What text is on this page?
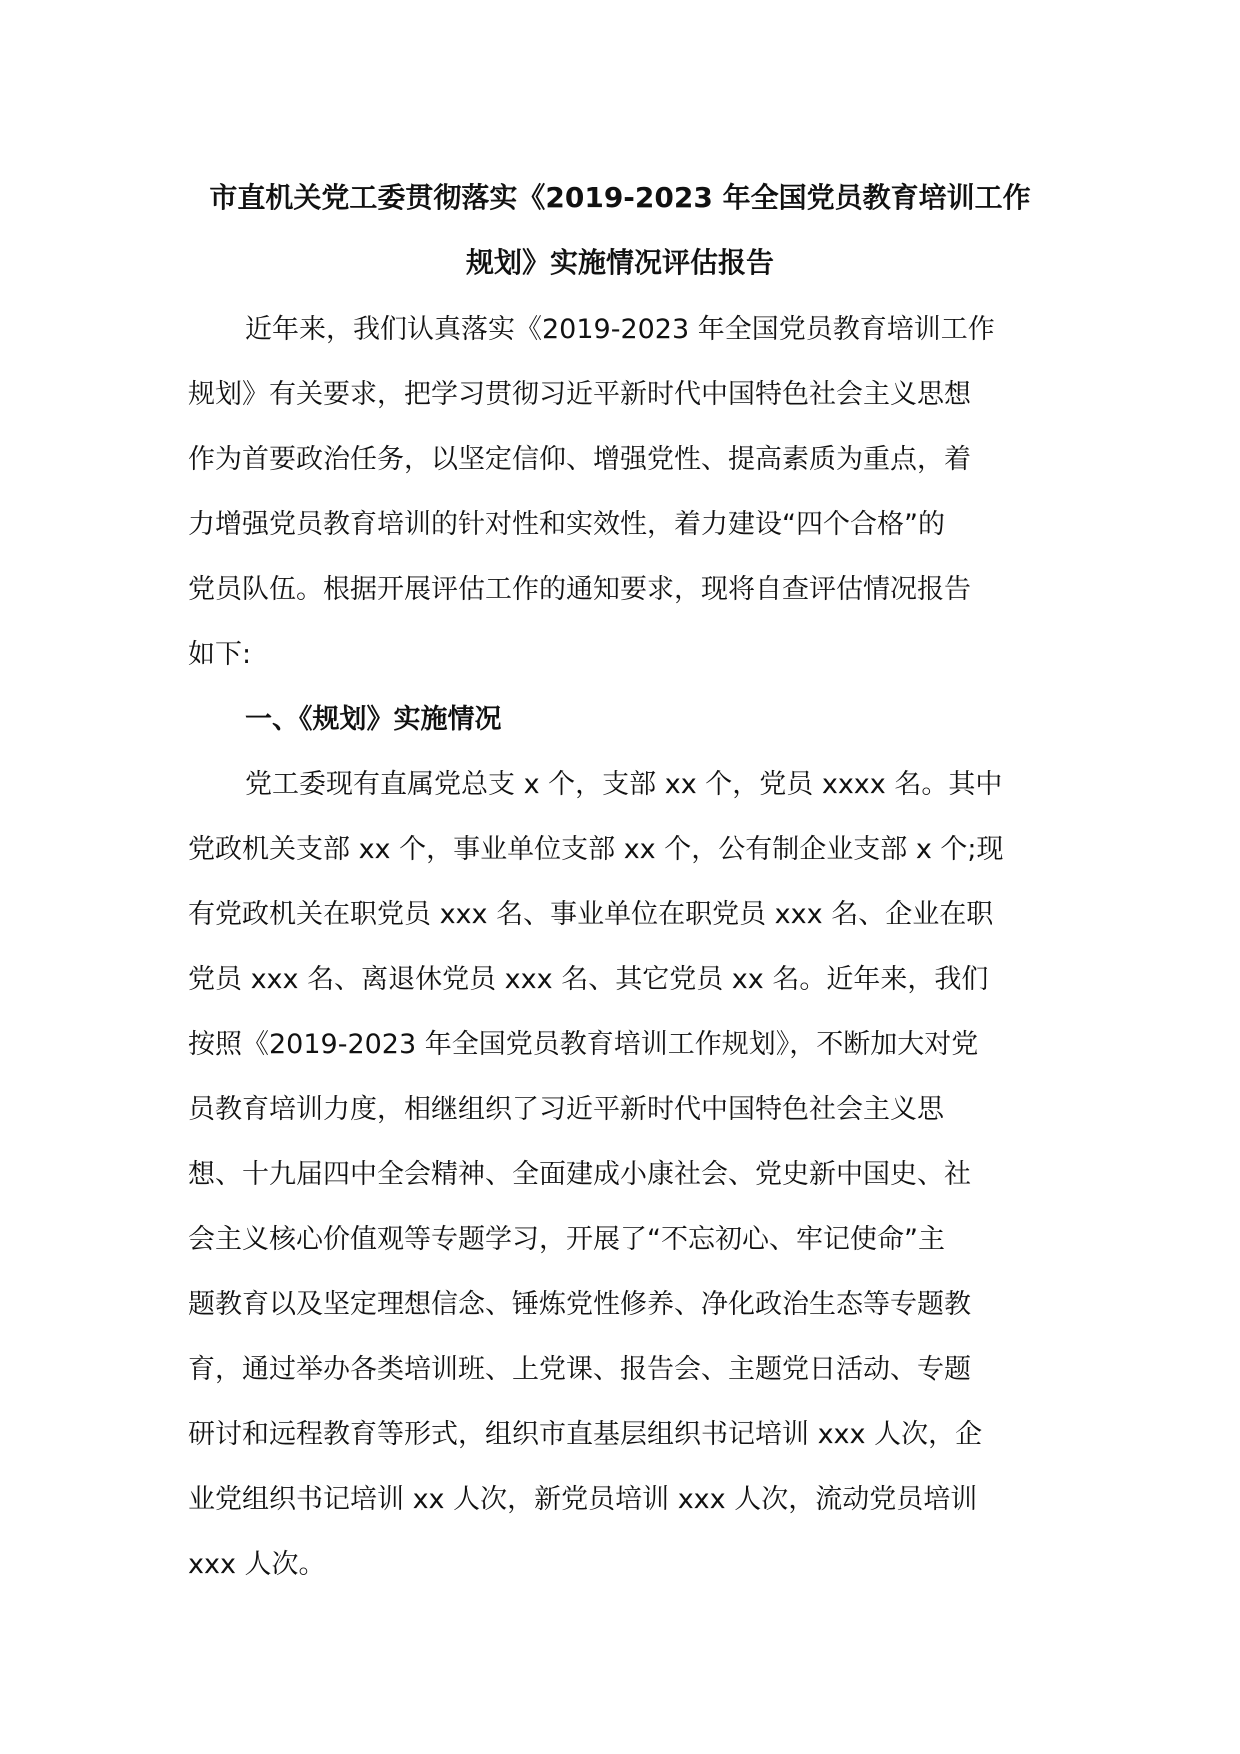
市直机关党工委贯彻落实《2019-2023 年全国党员教育培训工作
规划》实施情况评估报告
近年来，我们认真落实《2019-2023 年全国党员教育培训工作
规划》有关要求，把学习贯彻习近平新时代中国特色社会主义思想
作为首要政治任务，以坚定信仰、增强党性、提高素质为重点，着
力增强党员教育培训的针对性和实效性，着力建设“四个合格”的
党员队伍。根据开展评估工作的通知要求，现将自查评估情况报告
如下:
一、《规划》实施情况
党工委现有直属党总支 x 个，支部 xx 个，党员 xxxx 名。其中
党政机关支部 xx 个，事业单位支部 xx 个，公有制企业支部 x 个;现
有党政机关在职党员 xxx 名、事业单位在职党员 xxx 名、企业在职
党员 xxx 名、离退休党员 xxx 名、其它党员 xx 名。近年来，我们
按照《2019-2023 年全国党员教育培训工作规划》，不断加大对党
员教育培训力度，相继组织了习近平新时代中国特色社会主义思
想、十九届四中全会精神、全面建成小康社会、党史新中国史、社
会主义核心价值观等专题学习，开展了“不忘初心、牢记使命”主
题教育以及坚定理想信念、锤炼党性修养、净化政治生态等专题教
育，通过举办各类培训班、上党课、报告会、主题党日活动、专题
研讨和远程教育等形式，组织市直基层组织书记培训 xxx 人次，企
业党组织书记培训 xx 人次，新党员培训 xxx 人次，流动党员培训
xxx 人次。
